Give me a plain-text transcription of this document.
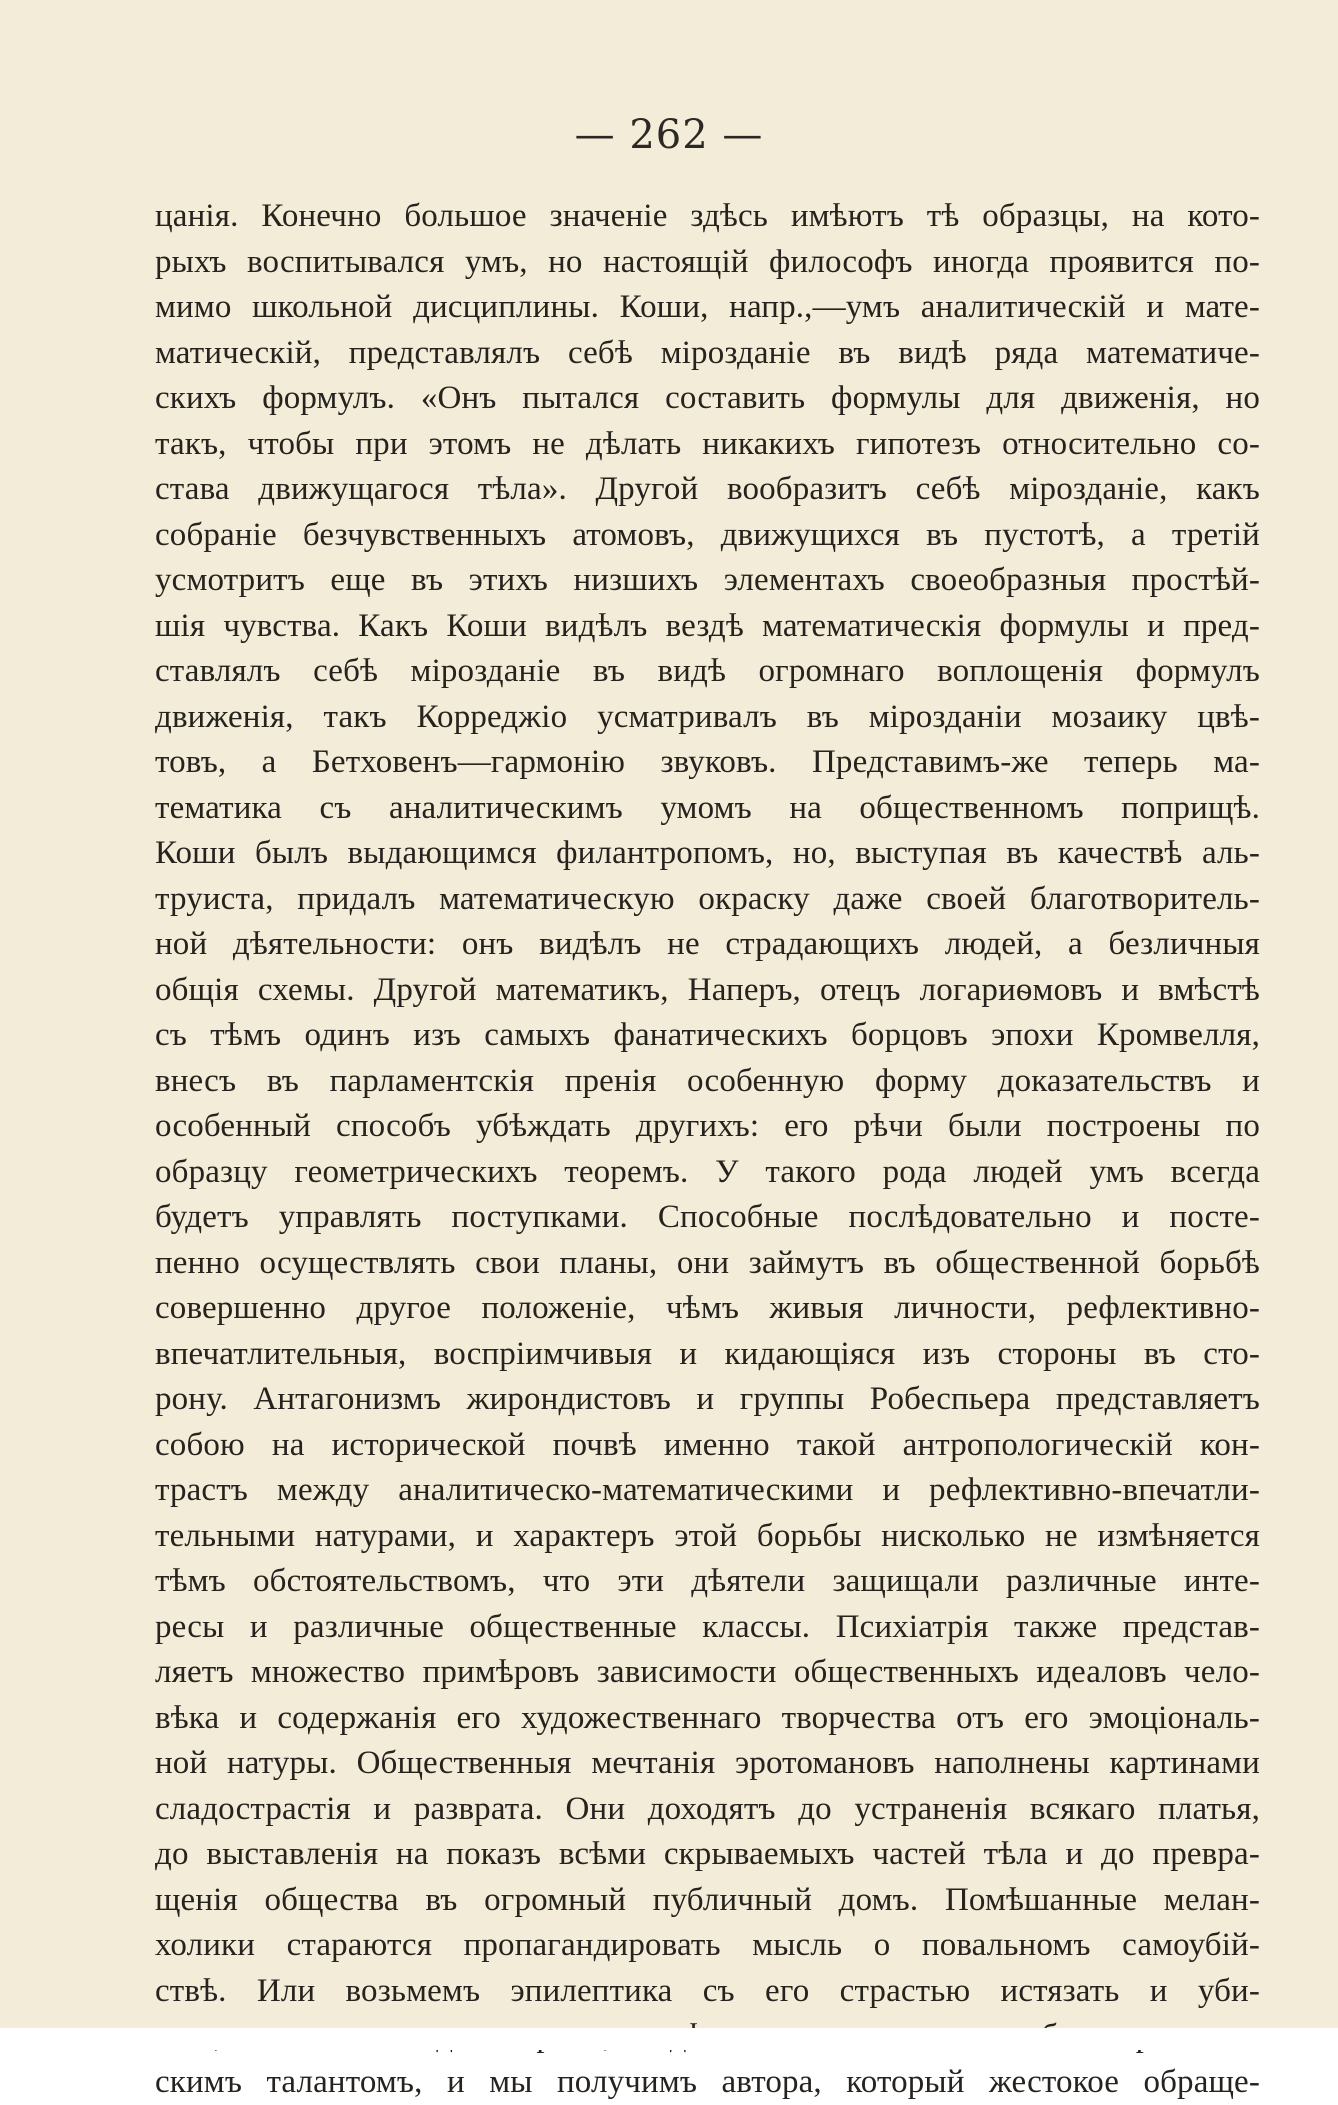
— 262 —
цанія. Конечно большое значеніе здѣсь имѣютъ тѣ образцы, на кото-
рыхъ воспитывался умъ, но настоящій философъ иногда проявится по-
мимо школьной дисциплины. Коши, напр.,—умъ аналитическій и мате-
матическій, представлялъ себѣ мірозданіе въ видѣ ряда математиче-
скихъ формулъ. «Онъ пытался составить формулы для движенія, но
такъ, чтобы при этомъ не дѣлать никакихъ гипотезъ относительно со-
става движущагося тѣла». Другой вообразитъ себѣ мірозданіе, какъ
собраніе безчувственныхъ атомовъ, движущихся въ пустотѣ, а третій
усмотритъ еще въ этихъ низшихъ элементахъ своеобразныя простѣй-
шія чувства. Какъ Коши видѣлъ вездѣ математическія формулы и пред-
ставлялъ себѣ мірозданіе въ видѣ огромнаго воплощенія формулъ
движенія, такъ Корреджіо усматривалъ въ мірозданіи мозаику цвѣ-
товъ, а Бетховенъ—гармонію звуковъ. Представимъ-же теперь ма-
тематика съ аналитическимъ умомъ на общественномъ поприщѣ.
Коши былъ выдающимся филантропомъ, но, выступая въ качествѣ аль-
труиста, придалъ математическую окраску даже своей благотворитель-
ной дѣятельности: онъ видѣлъ не страдающихъ людей, а безличныя
общія схемы. Другой математикъ, Наперъ, отецъ логариѳмовъ и вмѣстѣ
съ тѣмъ одинъ изъ самыхъ фанатическихъ борцовъ эпохи Кромвелля,
внесъ въ парламентскія пренія особенную форму доказательствъ и
особенный способъ убѣждать другихъ: его рѣчи были построены по
образцу геометрическихъ теоремъ. У такого рода людей умъ всегда
будетъ управлять поступками. Способные послѣдовательно и посте-
пенно осуществлять свои планы, они займутъ въ общественной борьбѣ
совершенно другое положеніе, чѣмъ живыя личности, рефлективно-
впечатлительныя, воспріимчивыя и кидающіяся изъ стороны въ сто-
рону. Антагонизмъ жирондистовъ и группы Робеспьера представляетъ
собою на исторической почвѣ именно такой антропологическій кон-
трастъ между аналитическо-математическими и рефлективно-впечатли-
тельными натурами, и характеръ этой борьбы нисколько не измѣняется
тѣмъ обстоятельствомъ, что эти дѣятели защищали различные инте-
ресы и различные общественные классы. Психіатрія также представ-
ляетъ множество примѣровъ зависимости общественныхъ идеаловъ чело-
вѣка и содержанія его художественнаго творчества отъ его эмоціональ-
ной натуры. Общественныя мечтанія эротомановъ наполнены картинами
сладострастія и разврата. Они доходятъ до устраненія всякаго платья,
до выставленія на показъ всѣми скрываемыхъ частей тѣла и до превра-
щенія общества въ огромный публичный домъ. Помѣшанные мелан-
холики стараются пропагандировать мысль о повальномъ самоубій-
ствѣ. Или возьмемъ эпилептика съ его страстью истязать и уби-
скимъ талантомъ, и мы получимъ автора, который жестокое обраще-
